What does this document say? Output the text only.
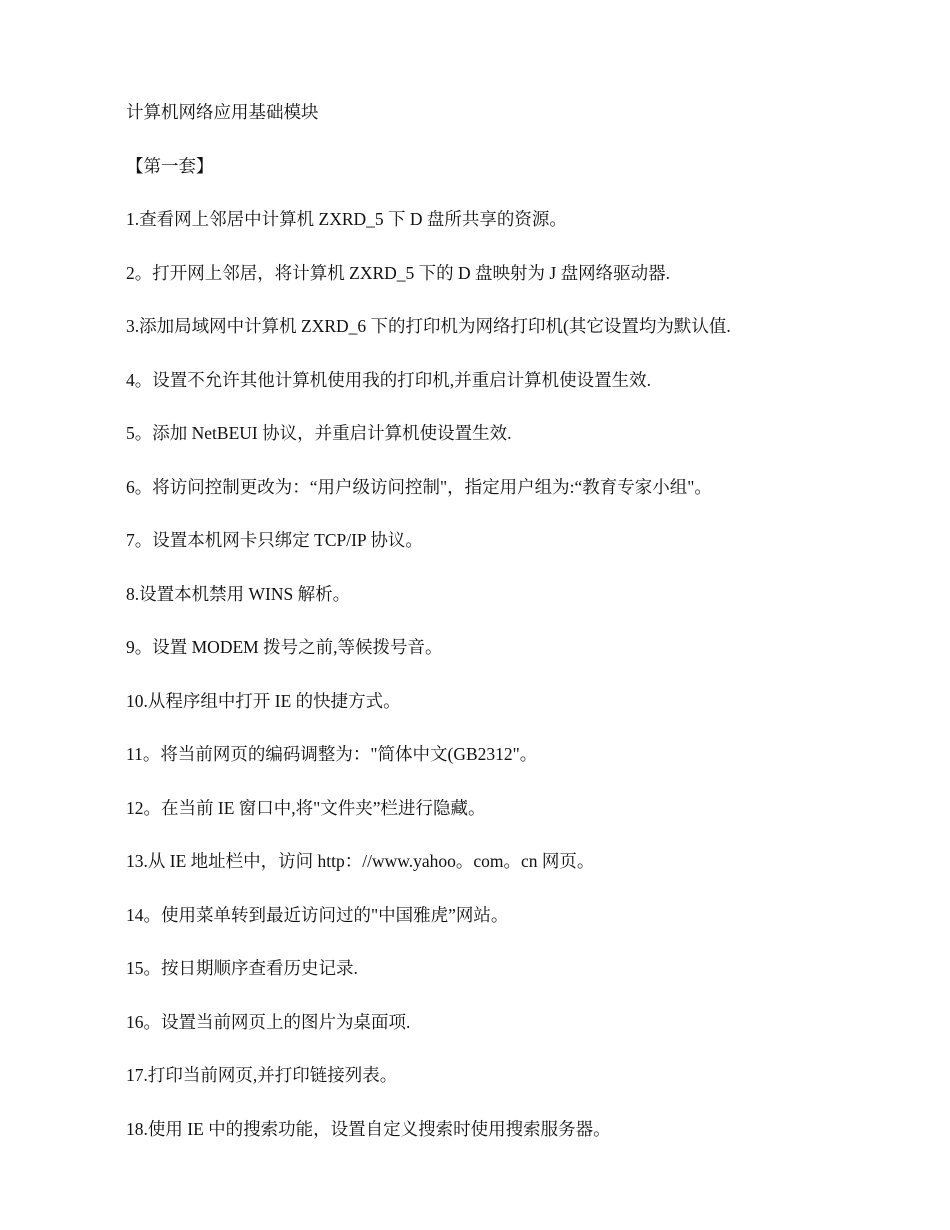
计算机网络应用基础模块
【第一套】
1.查看网上邻居中计算机 ZXRD_5 下 D 盘所共享的资源。
2。打开网上邻居，将计算机 ZXRD_5 下的 D 盘映射为 J 盘网络驱动器.
3.添加局域网中计算机 ZXRD_6 下的打印机为网络打印机(其它设置均为默认值.
4。设置不允许其他计算机使用我的打印机,并重启计算机使设置生效.
5。添加 NetBEUI 协议，并重启计算机使设置生效.
6。将访问控制更改为：“用户级访问控制"，指定用户组为:“教育专家小组"。
7。设置本机网卡只绑定 TCP/IP 协议。
8.设置本机禁用 WINS 解析。
9。设置 MODEM 拨号之前,等候拨号音。
10.从程序组中打开 IE 的快捷方式。
11。将当前网页的编码调整为："简体中文(GB2312"。
12。在当前 IE 窗口中,将"文件夹”栏进行隐藏。
13.从 IE 地址栏中，访问 http：//www.yahoo。com。cn 网页。
14。使用菜单转到最近访问过的"中国雅虎”网站。
15。按日期顺序查看历史记录.
16。设置当前网页上的图片为桌面项.
17.打印当前网页,并打印链接列表。
18.使用 IE 中的搜索功能，设置自定义搜索时使用搜索服务器。
